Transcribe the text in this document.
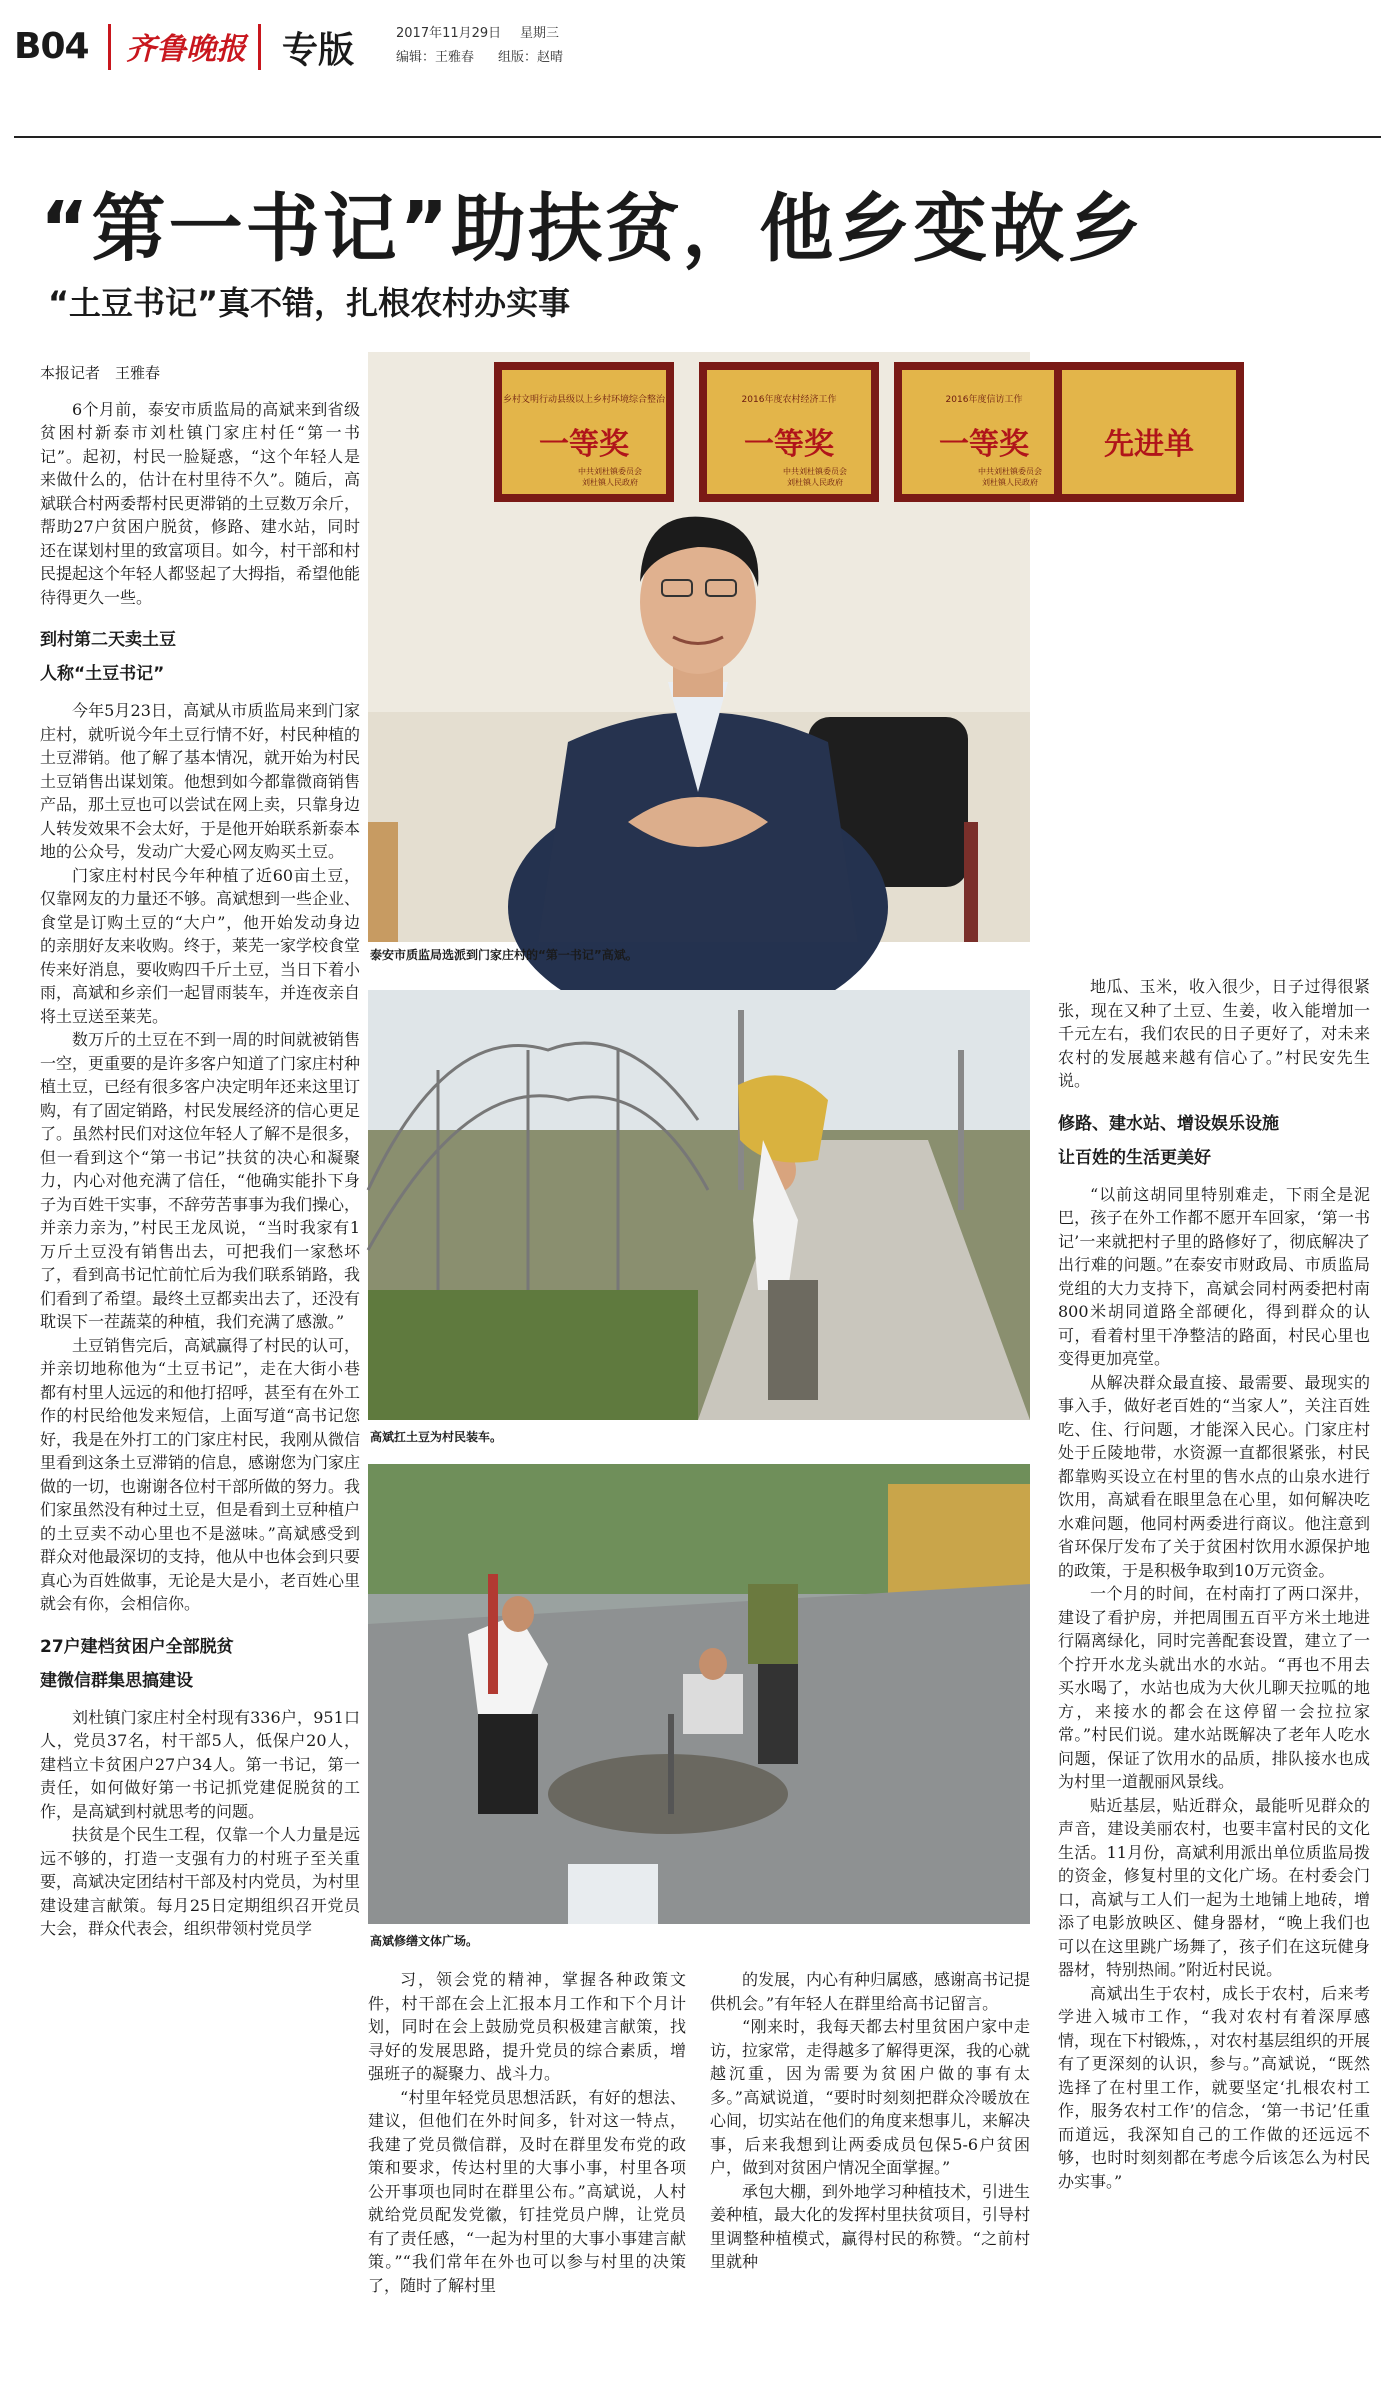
B04 齐鲁晚报 专版	2017年11月29日 星期三
编辑：王雅春 组版：赵晴
“第一书记”助扶贫，他乡变故乡
“土豆书记”真不错，扎根农村办实事
本报记者　王雅春

6个月前，泰安市质监局的高斌来到省级贫困村新泰市刘杜镇门家庄村任“第一书记”。起初，村民一脸疑惑，“这个年轻人是来做什么的，估计在村里待不久”。随后，高斌联合村两委帮村民更滞销的土豆数万余斤，帮助27户贫困户脱贫，修路、建水站，同时还在谋划村里的致富项目。如今，村干部和村民提起这个年轻人都竖起了大拇指，希望他能待得更久一些。

到村第二天卖土豆
人称“土豆书记”

今年5月23日，高斌从市质监局来到门家庄村，就听说今年土豆行情不好，村民种植的土豆滞销。他了解了基本情况，就开始为村民土豆销售出谋划策。他想到如今都靠微商销售产品，那土豆也可以尝试在网上卖，只靠身边人转发效果不会太好，于是他开始联系新泰本地的公众号，发动广大爱心网友购买土豆。

门家庄村村民今年种植了近60亩土豆，仅靠网友的力量还不够。高斌想到一些企业、食堂是订购土豆的“大户”，他开始发动身边的亲朋好友来收购。终于，莱芜一家学校食堂传来好消息，要收购四千斤土豆，当日下着小雨，高斌和乡亲们一起冒雨装车，并连夜亲自将土豆送至莱芜。

数万斤的土豆在不到一周的时间就被销售一空，更重要的是许多客户知道了门家庄村种植土豆，已经有很多客户决定明年还来这里订购，有了固定销路，村民发展经济的信心更足了。虽然村民们对这位年轻人了解不是很多，但一看到这个“第一书记”扶贫的决心和凝聚力，内心对他充满了信任，“他确实能扑下身子为百姓干实事，不辞劳苦事事为我们操心，并亲力亲为，”村民王龙凤说，“当时我家有1万斤土豆没有销售出去，可把我们一家愁坏了，看到高书记忙前忙后为我们联系销路，我们看到了希望。最终土豆都卖出去了，还没有耽误下一茬蔬菜的种植，我们充满了感激。”

土豆销售完后，高斌赢得了村民的认可，并亲切地称他为“土豆书记”，走在大街小巷都有村里人远远的和他打招呼，甚至有在外工作的村民给他发来短信，上面写道“高书记您好，我是在外打工的门家庄村民，我刚从微信里看到这条土豆滞销的信息，感谢您为门家庄做的一切，也谢谢各位村干部所做的努力。我们家虽然没有种过土豆，但是看到土豆种植户的土豆卖不动心里也不是滋味。”高斌感受到群众对他最深切的支持，他从中也体会到只要真心为百姓做事，无论是大是小，老百姓心里就会有你，会相信你。

27户建档贫困户全部脱贫
建微信群集思搞建设

刘杜镇门家庄村全村现有336户，951口人，党员37名，村干部5人，低保户20人，建档立卡贫困户27户34人。第一书记，第一责任，如何做好第一书记抓党建促脱贫的工作，是高斌到村就思考的问题。

扶贫是个民生工程，仅靠一个人力量是远远不够的，打造一支强有力的村班子至关重要，高斌决定团结村干部及村内党员，为村里建设建言献策。每月25日定期组织召开党员大会，群众代表会，组织带领村党员学

乡村文明行动县级以上乡村环境综合整治
一等奖
中共刘杜镇委员会
刘杜镇人民政府
2016年度农村经济工作
一等奖
中共刘杜镇委员会
刘杜镇人民政府
2016年度信访工作
一等奖
中共刘杜镇委员会
刘杜镇人民政府
先进单
泰安市质监局选派到门家庄村的“第一书记”高斌。
高斌扛土豆为村民装车。

地瓜、玉米，收入很少，日子过得很紧张，现在又种了土豆、生姜，收入能增加一千元左右，我们农民的日子更好了，对未来农村的发展越来越有信心了。”村民安先生说。

修路、建水站、增设娱乐设施
让百姓的生活更美好

“以前这胡同里特别难走，下雨全是泥巴，孩子在外工作都不愿开车回家，‘第一书记’一来就把村子里的路修好了，彻底解决了出行难的问题。”在泰安市财政局、市质监局党组的大力支持下，高斌会同村两委把村南800米胡同道路全部硬化，得到群众的认可，看着村里干净整洁的路面，村民心里也变得更加亮堂。

从解决群众最直接、最需要、最现实的事入手，做好老百姓的“当家人”，关注百姓吃、住、行问题，才能深入民心。门家庄村处于丘陵地带，水资源一直都很紧张，村民都靠购买设立在村里的售水点的山泉水进行饮用，高斌看在眼里急在心里，如何解决吃水难问题，他同村两委进行商议。他注意到省环保厅发布了关于贫困村饮用水源保护地的政策，于是积极争取到10万元资金。

一个月的时间，在村南打了两口深井，建设了看护房，并把周围五百平方米土地进行隔离绿化，同时完善配套设置，建立了一个拧开水龙头就出水的水站。“再也不用去买水喝了，水站也成为大伙儿聊天拉呱的地方，来接水的都会在这停留一会拉拉家常。”村民们说。建水站既解决了老年人吃水问题，保证了饮用水的品质，排队接水也成为村里一道靓丽风景线。

贴近基层，贴近群众，最能听见群众的声音，建设美丽农村，也要丰富村民的文化生活。11月份，高斌利用派出单位质监局拨的资金，修复村里的文化广场。在村委会门口，高斌与工人们一起为土地铺上地砖，增添了电影放映区、健身器材，“晚上我们也可以在这里跳广场舞了，孩子们在这玩健身器材，特别热闹。”附近村民说。

高斌出生于农村，成长于农村，后来考学进入城市工作，“我对农村有着深厚感情，现在下村锻炼，，对农村基层组织的开展有了更深刻的认识，参与。”高斌说，“既然选择了在村里工作，就要坚定‘扎根农村工作，服务农村工作’的信念，‘第一书记’任重而道远，我深知自己的工作做的还远远不够，也时时刻刻都在考虑今后该怎么为村民办实事。”

高斌修缮文体广场。

习，领会党的精神，掌握各种政策文件，村干部在会上汇报本月工作和下个月计划，同时在会上鼓励党员积极建言献策，找寻好的发展思路，提升党员的综合素质，增强班子的凝聚力、战斗力。

“村里年轻党员思想活跃，有好的想法、建议，但他们在外时间多，针对这一特点，我建了党员微信群，及时在群里发布党的政策和要求，传达村里的大事小事，村里各项公开事项也同时在群里公布。”高斌说，人村就给党员配发党徽，钉挂党员户牌，让党员有了责任感，“一起为村里的大事小事建言献策。”“我们常年在外也可以参与村里的决策了，随时了解村里

的发展，内心有种归属感，感谢高书记提供机会。”有年轻人在群里给高书记留言。

“刚来时，我每天都去村里贫困户家中走访，拉家常，走得越多了解得更深，我的心就越沉重，因为需要为贫困户做的事有太多。”高斌说道，“要时时刻刻把群众冷暖放在心间，切实站在他们的角度来想事儿，来解决事，后来我想到让两委成员包保5-6户贫困户，做到对贫困户情况全面掌握。”

承包大棚，到外地学习种植技术，引进生姜种植，最大化的发挥村里扶贫项目，引导村里调整种植模式，赢得村民的称赞。“之前村里就种
